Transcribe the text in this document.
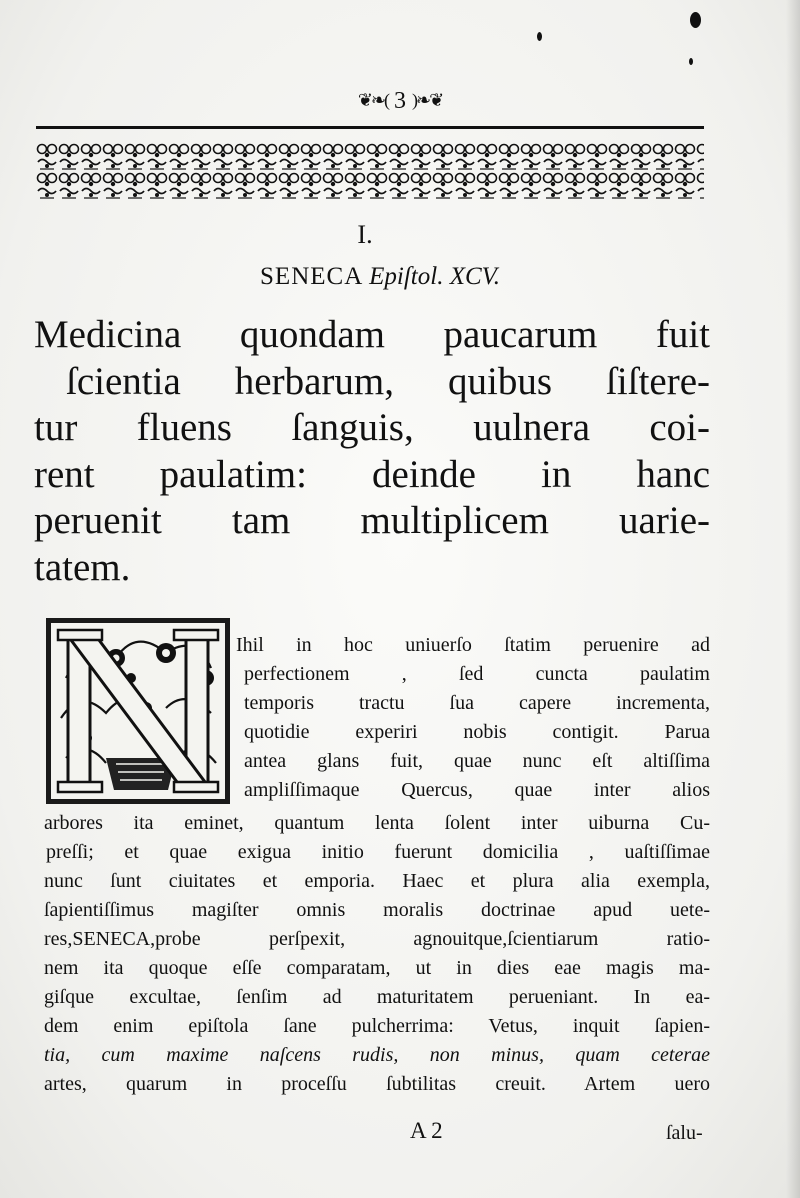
❦❧( 3 )❧❦
I.
SENECA Epiſtol. XCV.
Medicina quondam paucarum fuit
ſcientia herbarum, quibus ſiſtere-
tur fluens ſanguis, uulnera coi-
rent paulatim: deinde in hanc
peruenit tam multiplicem uarie-
tatem.
Ihil in hoc uniuerſo ſtatim peruenire ad
perfectionem , ſed cuncta paulatim
temporis tractu ſua capere incrementa,
quotidie experiri nobis contigit. Parua
antea glans fuit, quae nunc eſt altiſſima
ampliſſimaque Quercus, quae inter alios
arbores ita eminet, quantum lenta ſolent inter uiburna Cu-
preſſi; et quae exigua initio fuerunt domicilia , uaſtiſſimae
nunc ſunt ciuitates et emporia. Haec et plura alia exempla,
ſapientiſſimus magiſter omnis moralis doctrinae apud uete-
res,SENECA,probe perſpexit, agnouitque,ſcientiarum ratio-
nem ita quoque eſſe comparatam, ut in dies eae magis ma-
giſque excultae, ſenſim ad maturitatem perueniant. In ea-
dem enim epiſtola ſane pulcherrima: Vetus, inquit ſapien-
tia, cum maxime naſcens rudis, non minus, quam ceterae
artes, quarum in proceſſu ſubtilitas creuit. Artem uero
A 2	ſalu-
